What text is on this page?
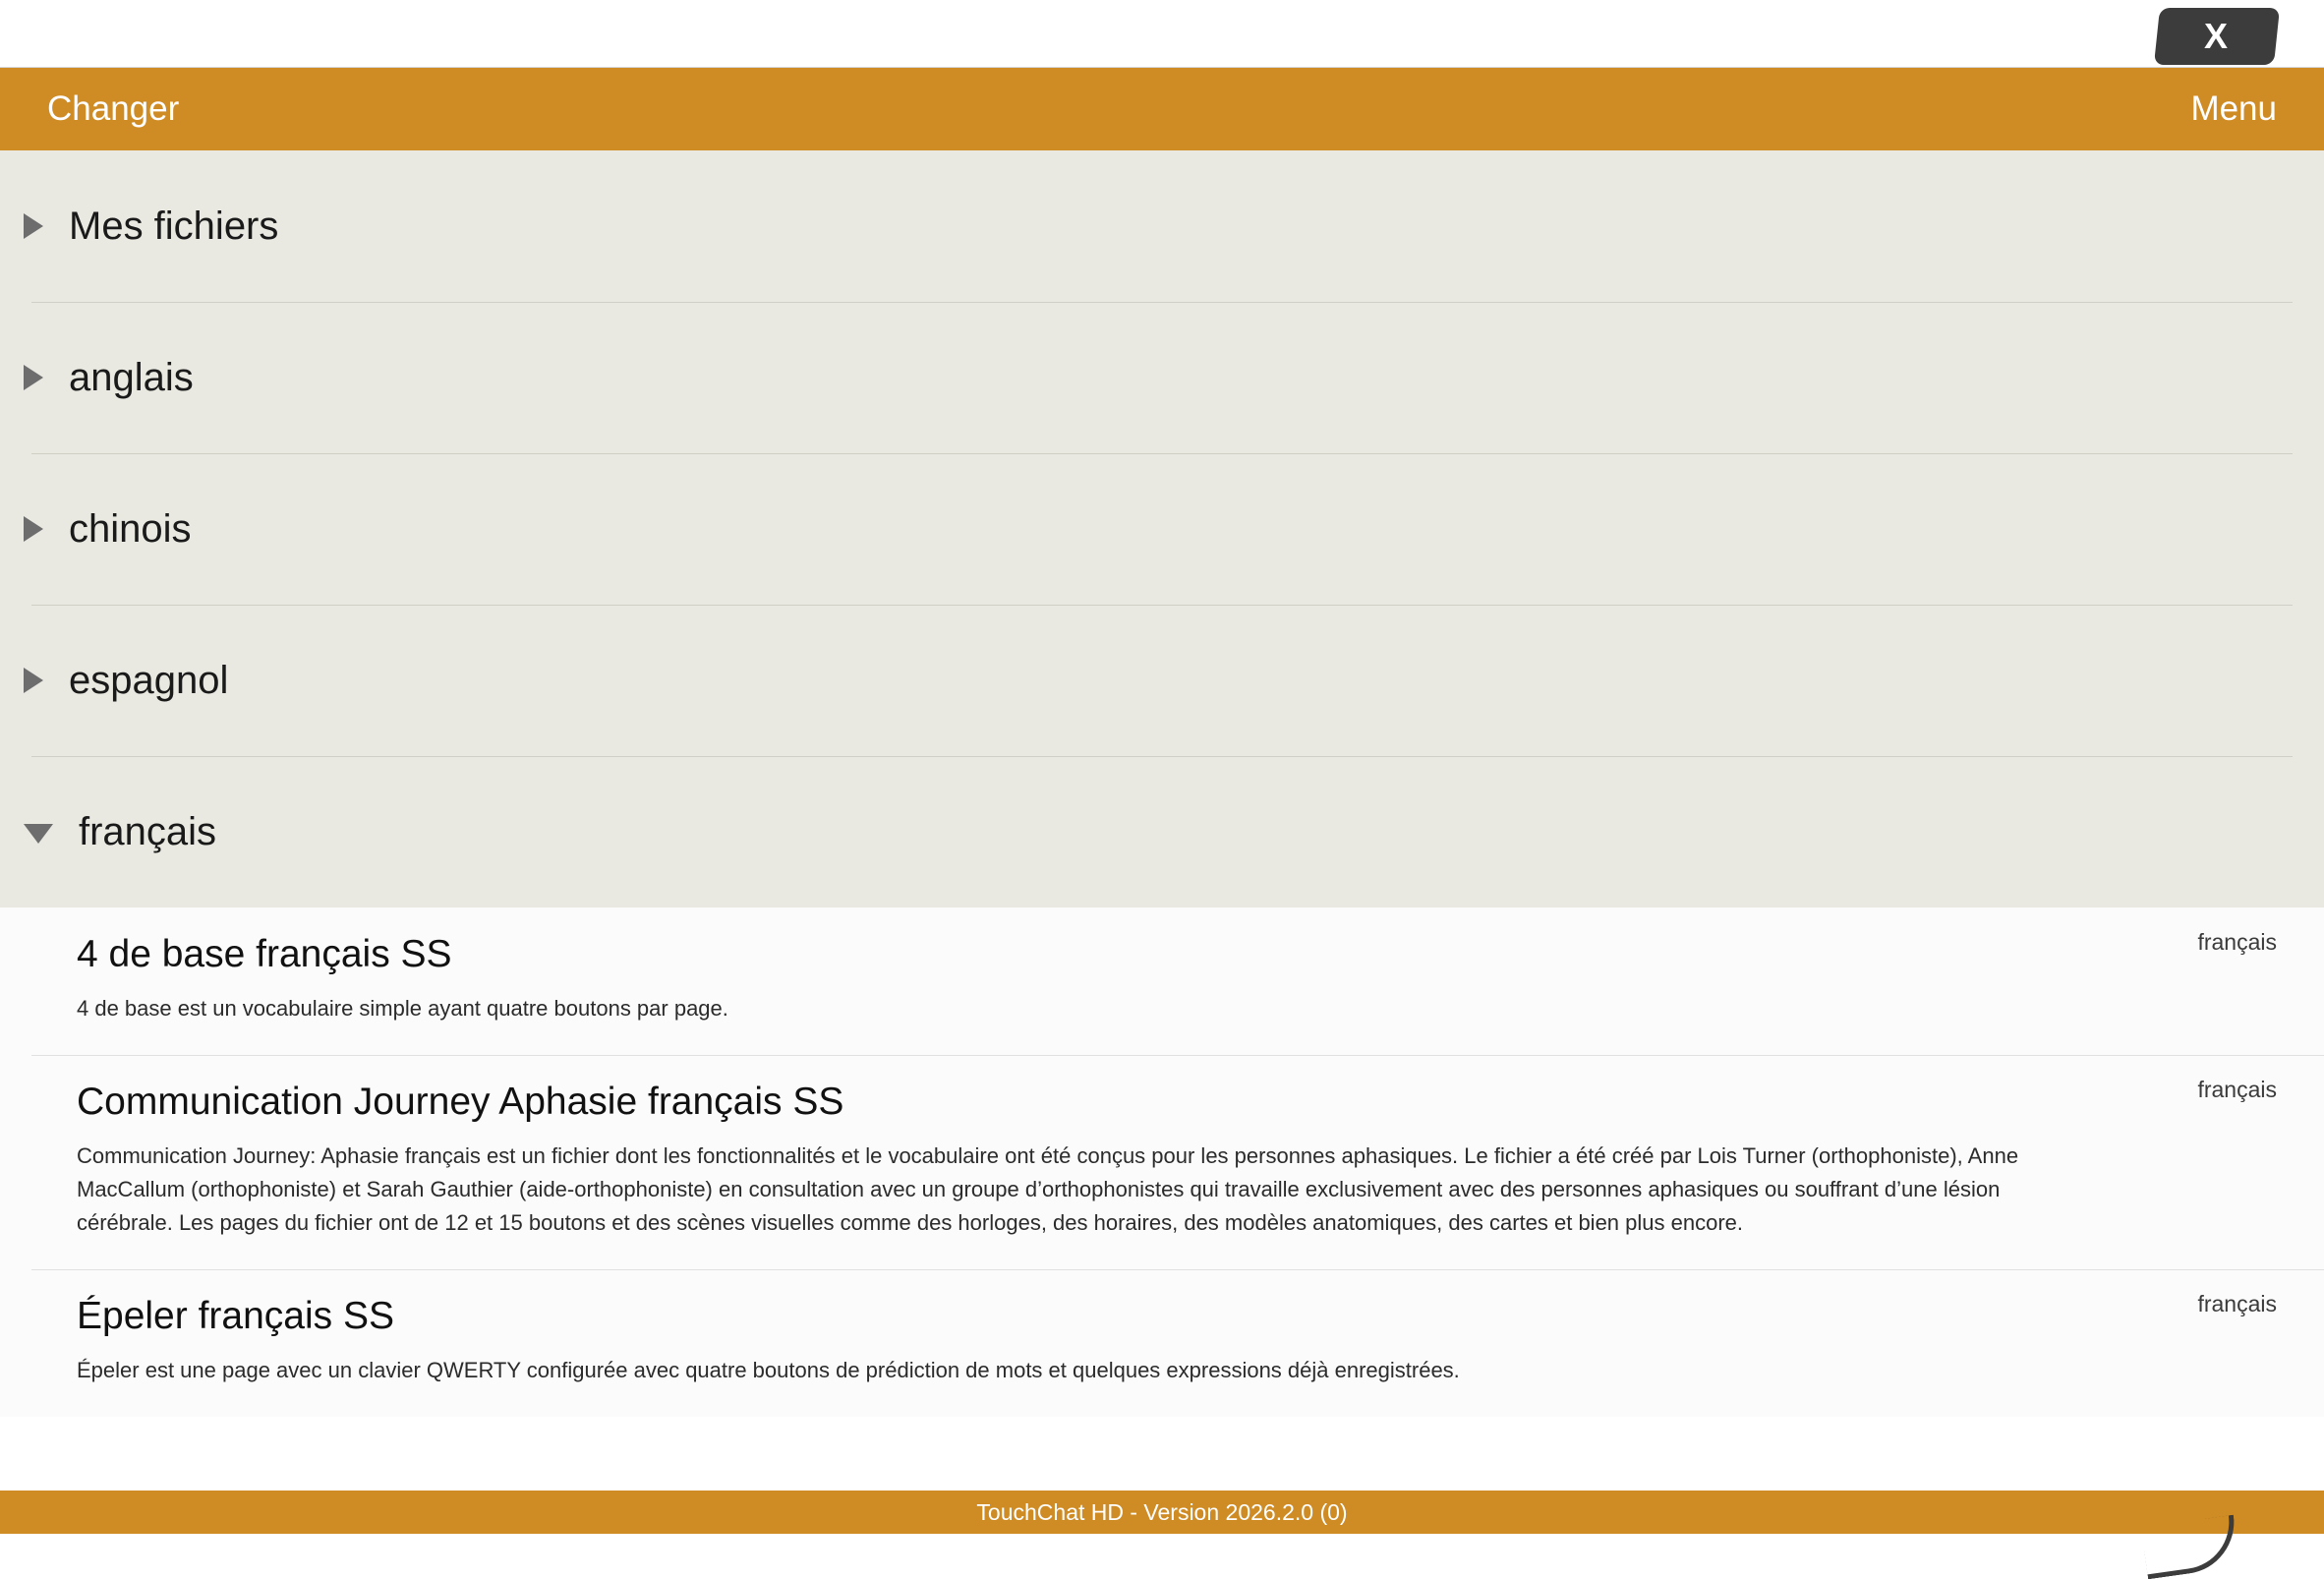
X
Changer	Menu
Mes fichiers
anglais
chinois
espagnol
français
français
4 de base français SS

4 de base est un vocabulaire simple ayant quatre boutons par page.

français
Communication Journey Aphasie français SS

Communication Journey: Aphasie français est un fichier dont les fonctionnalités et le vocabulaire ont été conçus pour les personnes aphasiques. Le fichier a été créé par Lois Turner (orthophoniste), Anne MacCallum (orthophoniste) et Sarah Gauthier (aide-orthophoniste) en consultation avec un groupe d’orthophonistes qui travaille exclusivement avec des personnes aphasiques ou souffrant d’une lésion cérébrale. Les pages du fichier ont de 12 et 15 boutons et des scènes visuelles comme des horloges, des horaires, des modèles anatomiques, des cartes et bien plus encore.

français
Épeler français SS

Épeler est une page avec un clavier QWERTY configurée avec quatre boutons de prédiction de mots et quelques expressions déjà enregistrées.

TouchChat HD - Version 2026.2.0 (0)
